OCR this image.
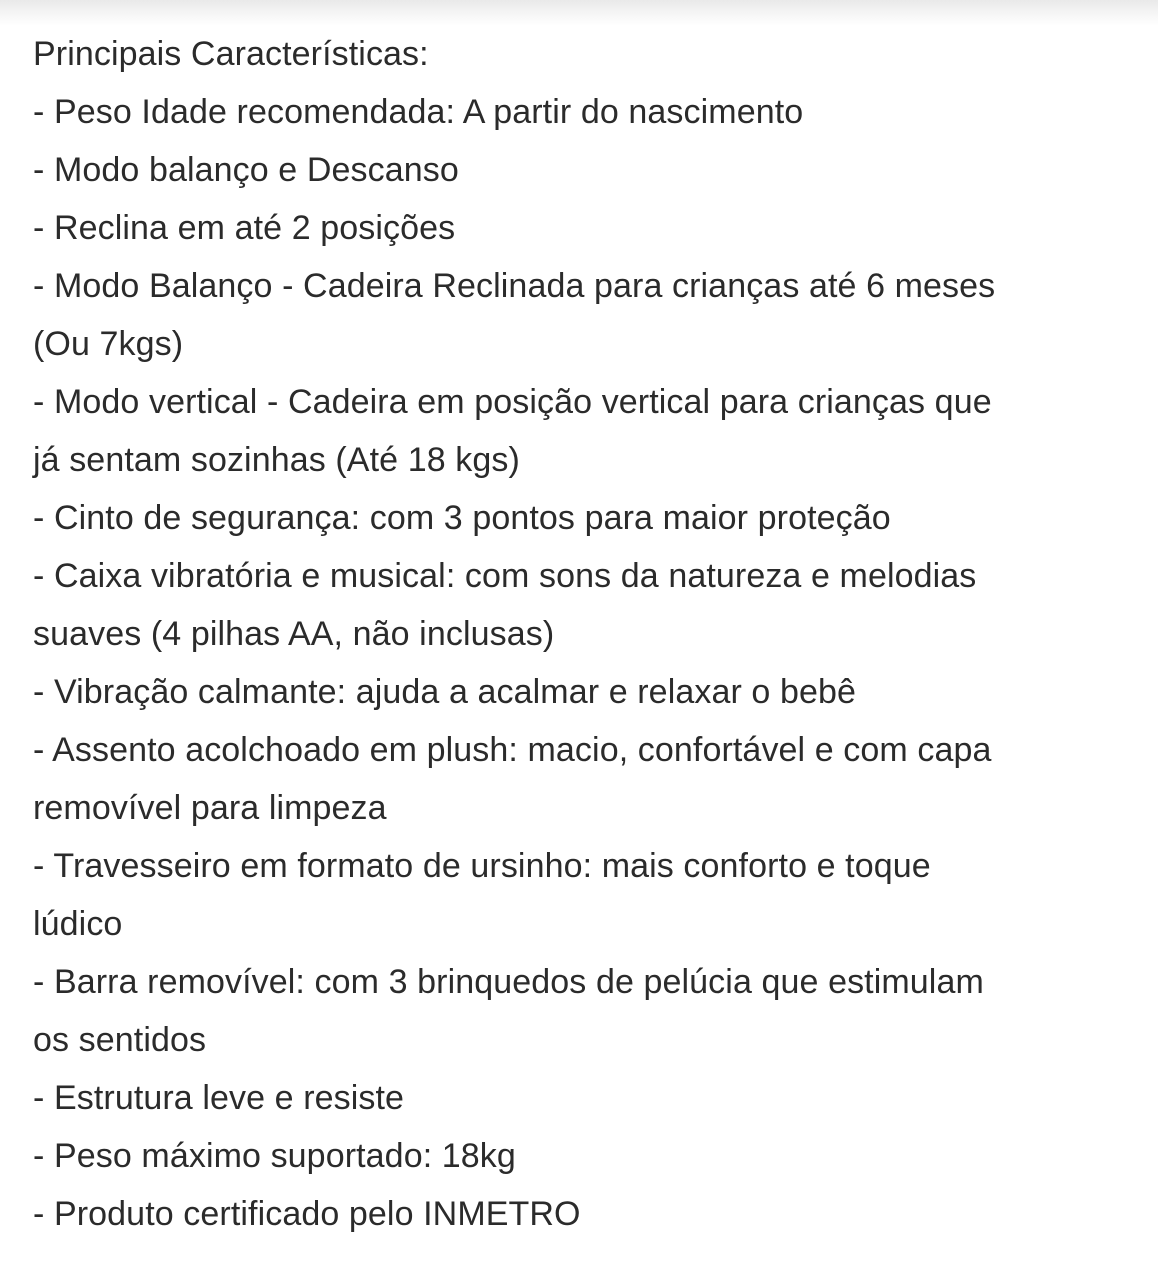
Principais Características:
- Peso Idade recomendada: A partir do nascimento
- Modo balanço e Descanso
- Reclina em até 2 posições
- Modo Balanço - Cadeira Reclinada para crianças até 6 meses
(Ou 7kgs)
- Modo vertical - Cadeira em posição vertical para crianças que
já sentam sozinhas (Até 18 kgs)
- Cinto de segurança: com 3 pontos para maior proteção
- Caixa vibratória e musical: com sons da natureza e melodias
suaves (4 pilhas AA, não inclusas)
- Vibração calmante: ajuda a acalmar e relaxar o bebê
- Assento acolchoado em plush: macio, confortável e com capa
removível para limpeza
- Travesseiro em formato de ursinho: mais conforto e toque
lúdico
- Barra removível: com 3 brinquedos de pelúcia que estimulam
os sentidos
- Estrutura leve e resiste
- Peso máximo suportado: 18kg
- Produto certificado pelo INMETRO
